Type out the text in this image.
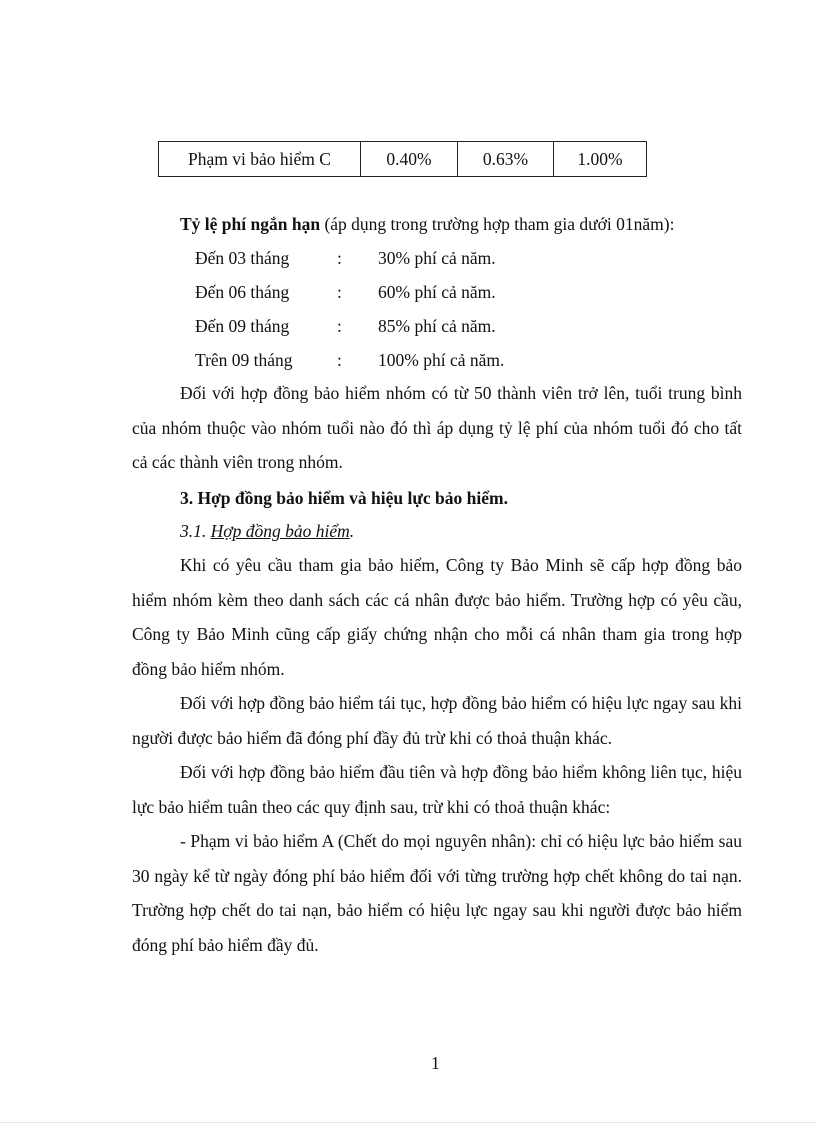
Phạm vi bảo hiểm C	0.40%	0.63%	1.00%
Tỷ lệ phí ngắn hạn (áp dụng trong trường hợp tham gia dưới 01năm):
Đến 03 tháng	: 30% phí cả năm.
Đến 06 tháng	: 60% phí cả năm.
Đến 09 tháng	: 85% phí cả năm.
Trên 09 tháng	: 100% phí cả năm.
Đối với hợp đồng bảo hiểm nhóm có từ 50 thành viên trở lên, tuổi trung bình của nhóm thuộc vào nhóm tuổi nào đó thì áp dụng tỷ lệ phí của nhóm tuổi đó cho tất cả các thành viên trong nhóm.
3. Hợp đồng bảo hiểm và hiệu lực bảo hiểm.
3.1. Hợp đồng bảo hiểm.
Khi có yêu cầu tham gia bảo hiểm, Công ty Bảo Minh sẽ cấp hợp đồng bảo hiểm nhóm kèm theo danh sách các cá nhân được bảo hiểm. Trường hợp có yêu cầu, Công ty Bảo Minh cũng cấp giấy chứng nhận cho mỗi cá nhân tham gia trong hợp đồng bảo hiểm nhóm.
Đối với hợp đồng bảo hiểm tái tục, hợp đồng bảo hiểm có hiệu lực ngay sau khi người được bảo hiểm đã đóng phí đầy đủ trừ khi có thoả thuận khác.
Đối với hợp đồng bảo hiểm đầu tiên và hợp đồng bảo hiểm không liên tục, hiệu lực bảo hiểm tuân theo các quy định sau, trừ khi có thoả thuận khác:
- Phạm vi bảo hiểm A (Chết do mọi nguyên nhân): chỉ có hiệu lực bảo hiểm sau 30 ngày kể từ ngày đóng phí bảo hiểm đối với từng trường hợp chết không do tai nạn. Trường hợp chết do tai nạn, bảo hiểm có hiệu lực ngay sau khi người được bảo hiểm đóng phí bảo hiểm đầy đủ.
1
